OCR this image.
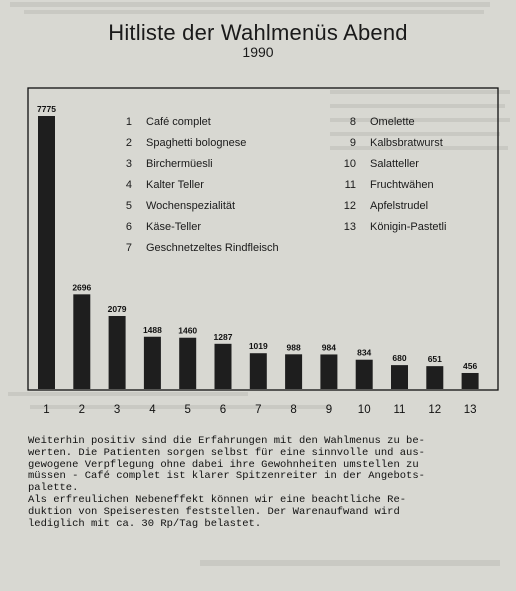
Hitliste der Wahlmenüs Abend
1990
7775
1
2696
2
2079
3
1488
4
1460
5
1287
6
1019
7
988
8
984
9
834
10
680
11
651
12
456
13
1 Café complet
2 Spaghetti bolognese
3 Birchermüesli
4 Kalter Teller
5 Wochenspezialität
6 Käse-Teller
7 Geschnetzeltes Rindfleisch
8 Omelette
9 Kalbsbratwurst
10 Salatteller
11 Fruchtwähen
12 Apfelstrudel
13 Königin-Pastetli

Weiterhin positiv sind die Erfahrungen mit den Wahlmenus zu be-
werten. Die Patienten sorgen selbst für eine sinnvolle und aus-
gewogene Verpflegung ohne dabei ihre Gewohnheiten umstellen zu
müssen - Café complet ist klarer Spitzenreiter in der Angebots-
palette.

Als erfreulichen Nebeneffekt können wir eine beachtliche Re-
duktion von Speiseresten feststellen. Der Warenaufwand wird
lediglich mit ca. 30 Rp/Tag belastet.
